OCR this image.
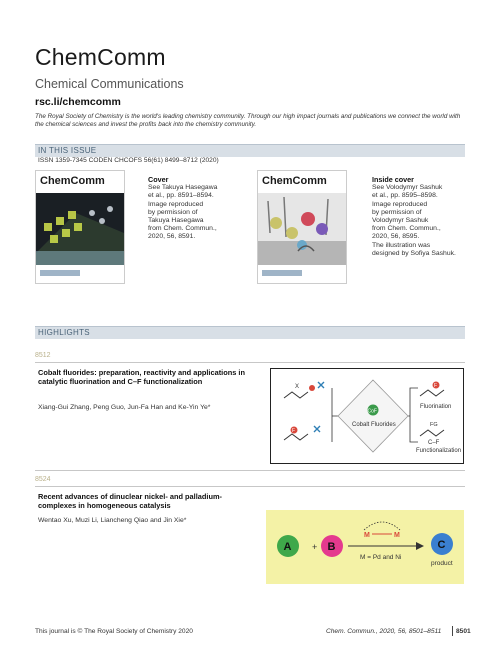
ChemComm
Chemical Communications
rsc.li/chemcomm
The Royal Society of Chemistry is the world's leading chemistry community. Through our high impact journals and publications we connect the world with the chemical sciences and invest the profits back into the chemistry community.
IN THIS ISSUE
ISSN 1359-7345 CODEN CHCOFS 56(61) 8499–8712 (2020)
ChemComm	Cover
See Takuya Hasegawa
et al., pp. 8591–8594.
Image reproduced
by permission of
Takuya Hasegawa
from Chem. Commun.,
2020, 56, 8591.
ChemComm	Inside cover
See Volodymyr Sashuk
et al., pp. 8595–8598.
Image reproduced
by permission of
Volodymyr Sashuk
from Chem. Commun.,
2020, 56, 8595.
The illustration was
designed by Sofiya Sashuk.
HIGHLIGHTS
8512
Cobalt fluorides: preparation, reactivity and applications in catalytic fluorination and C–F functionalization
Xiang-Gui Zhang, Peng Guo, Jun-Fa Han and Ke-Yin Ye*
X
F
CoF
Cobalt Fluorides
F
Fluorination
FG
C–F
Functionalization
8524
Recent advances of dinuclear nickel- and palladium-complexes in homogeneous catalysis
Wentao Xu, Muzi Li, Liancheng Qiao and Jin Xie*
A + B
M	M
M = Pd and Ni
C
product
This journal is © The Royal Society of Chemistry 2020	Chem. Commun., 2020, 56, 8501–8511 8501
